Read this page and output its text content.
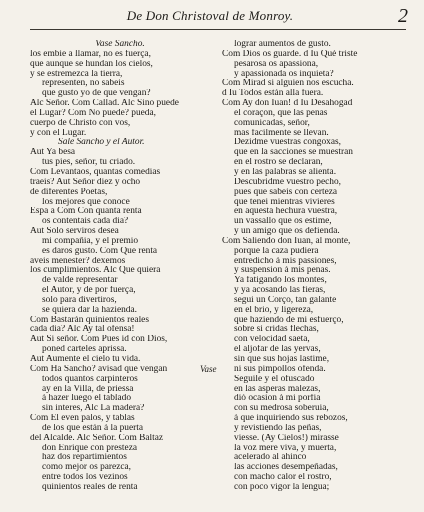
De Don Christoval de Monroy.	2
Vase Sancho.
los embie a llamar, no es fuerça,
que aunque se hundan los cielos,
y se estremezca la tierra,
representen, no sabeis
que gusto yo de que vengan?
Alc Señor. Com Callad. Alc Sino puede
el Lugar? Com No puede? pueda,
cuerpo de Christo con vos,
y con el Lugar.
Sale Sancho y el Autor.
Aut Ya besa
tus pies, señor, tu criado.
Com Levantaos, quantas comedias
traeis? Aut Señor diez y ocho
de diferentes Poetas,
los mejores que conoce
Espa a Com Con quanta renta
os contentais cada dia?
Aut Solo serviros desea
mi compañia, y el premio
es daros gusto. Com Que renta
aveis menester? dexemos
los cumplimientos. Alc Que quiera
de valde representar
el Autor, y de por fuerça,
solo para divertiros,
se quiera dar la hazienda.
Com Bastaràn quinientos reales
cada dia? Alc Ay tal ofensa!
Aut Si señor. Com Pues id con Dios,
poned carteles aprissa.
Aut Aumente el cielo tu vida.
Com Ha Sancho? avisad que vengan
todos quantos carpinteros
ay en la Villa, de priessa
à hazer luego el tablado
sin interes, Alc La madera?
Com El even palos, y tablas
de los que estàn à la puerta
del Alcalde. Alc Señor. Com Baltaz
don Enrique con presteza
haz dos repartimientos
como mejor os parezca,
entre todos los vezinos
quinientos reales de renta
Vase
lograr aumentos de gusto.
Com Dios os guarde. d Iu Què triste
pesarosa os apassiona,
y apassionada os inquieta?
Com Mirad si alguien nos escucha.
d Iu Todos estàn alla fuera.
Com Ay don Iuan! d Iu Desahogad
el coraçon, que las penas
comunicadas, señor,
mas facilmente se llevan.
Dezidme vuestras congoxas,
que en la sacciones se muestran
en el rostro se declaran,
y en las palabras se alienta.
Descubridme vuestro pecho,
pues que sabeis con certeza
que tenei mientras vivieres
en aquesta hechura vuestra,
un vassallo que os estime,
y un amigo que os defienda.
Com Saliendo don Iuan, al monte,
porque la caza pudiera
entredicho à mis passiones,
y suspension à mis penas.
Ya fatigando los montes,
y ya acosando las fieras,
segui un Corço, tan galante
en el brio, y ligereza,
que haziendo de mi esfuerço,
sobre si cridas flechas,
con velocidad saeta,
el aljofar de las yervas,
sin que sus hojas lastime,
ni sus pimpollos ofenda.
Seguile y el ofuscado
en las asperas malezas,
diò ocasion à mi porfia
con su medrosa soberuia,
à que inquiriendo sus rebozos,
y revistiendo las peñas,
viesse. (Ay Cielos!) mirasse
la voz mere viva, y muerta,
acelerado al ahinco
las acciones desempeñadas,
con macho calor el rostro,
con poco vigor la lengua;
